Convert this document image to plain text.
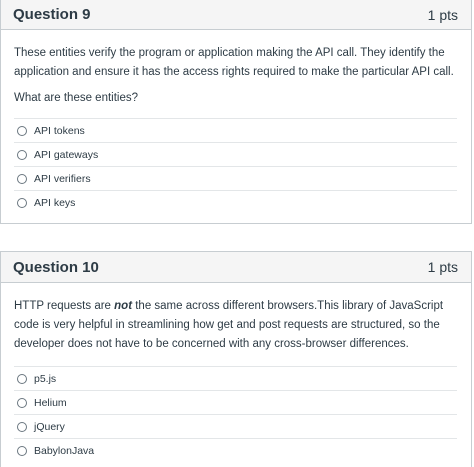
Question 9	1 pts

These entities verify the program or application making the API call. They identify the application and ensure it has the access rights required to make the particular API call.

What are these entities?

API tokens
API gateways
API verifiers
API keys
Question 10	1 pts

HTTP requests are not the same across different browsers.This library of JavaScript code is very helpful in streamlining how get and post requests are structured, so the developer does not have to be concerned with any cross-browser differences.

p5.js
Helium
jQuery
BabylonJava
